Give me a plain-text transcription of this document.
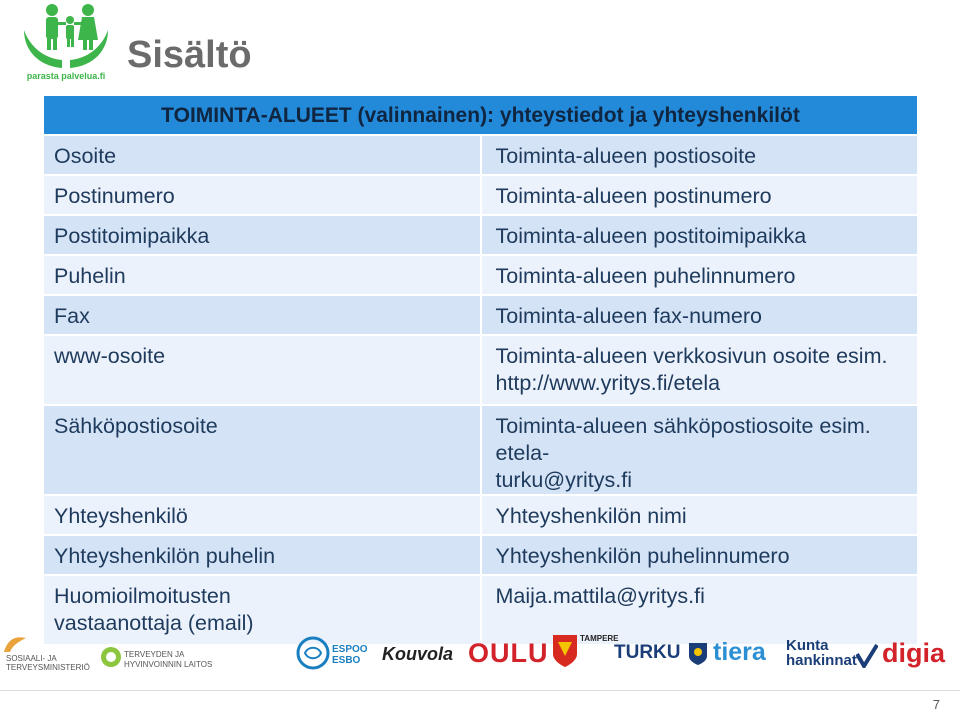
parasta palvelua.fi Sisältö
TOIMINTA-ALUEET (valinnainen): yhteystiedot ja yhteyshenkilöt	
Osoite	Toiminta-alueen postiosoite
Postinumero	Toiminta-alueen postinumero
Postitoimipaikka	Toiminta-alueen postitoimipaikka
Puhelin	Toiminta-alueen puhelinnumero
Fax	Toiminta-alueen fax-numero
www-osoite	Toiminta-alueen verkkosivun osoite esim.
http://www.yritys.fi/etela

Sähköpostiosoite	Toiminta-alueen sähköpostiosoite esim. etela-
turku@yritys.fi

Yhteyshenkilö	Yhteyshenkilön nimi
Yhteyshenkilön puhelin	Yhteyshenkilön puhelinnumero

Huomioilmoitusten
vastaanottaja (email)	Maija.mattila@yritys.fi
SOSIAALI- JA
TERVEYSMINISTERIÖ
TERVEYDEN JA
HYVINVOINNIN LAITOS
ESPOO
ESBO	Kouvola OULU	TAMPERE
TURKU	tiera Kunta
hankinnat digia
7
